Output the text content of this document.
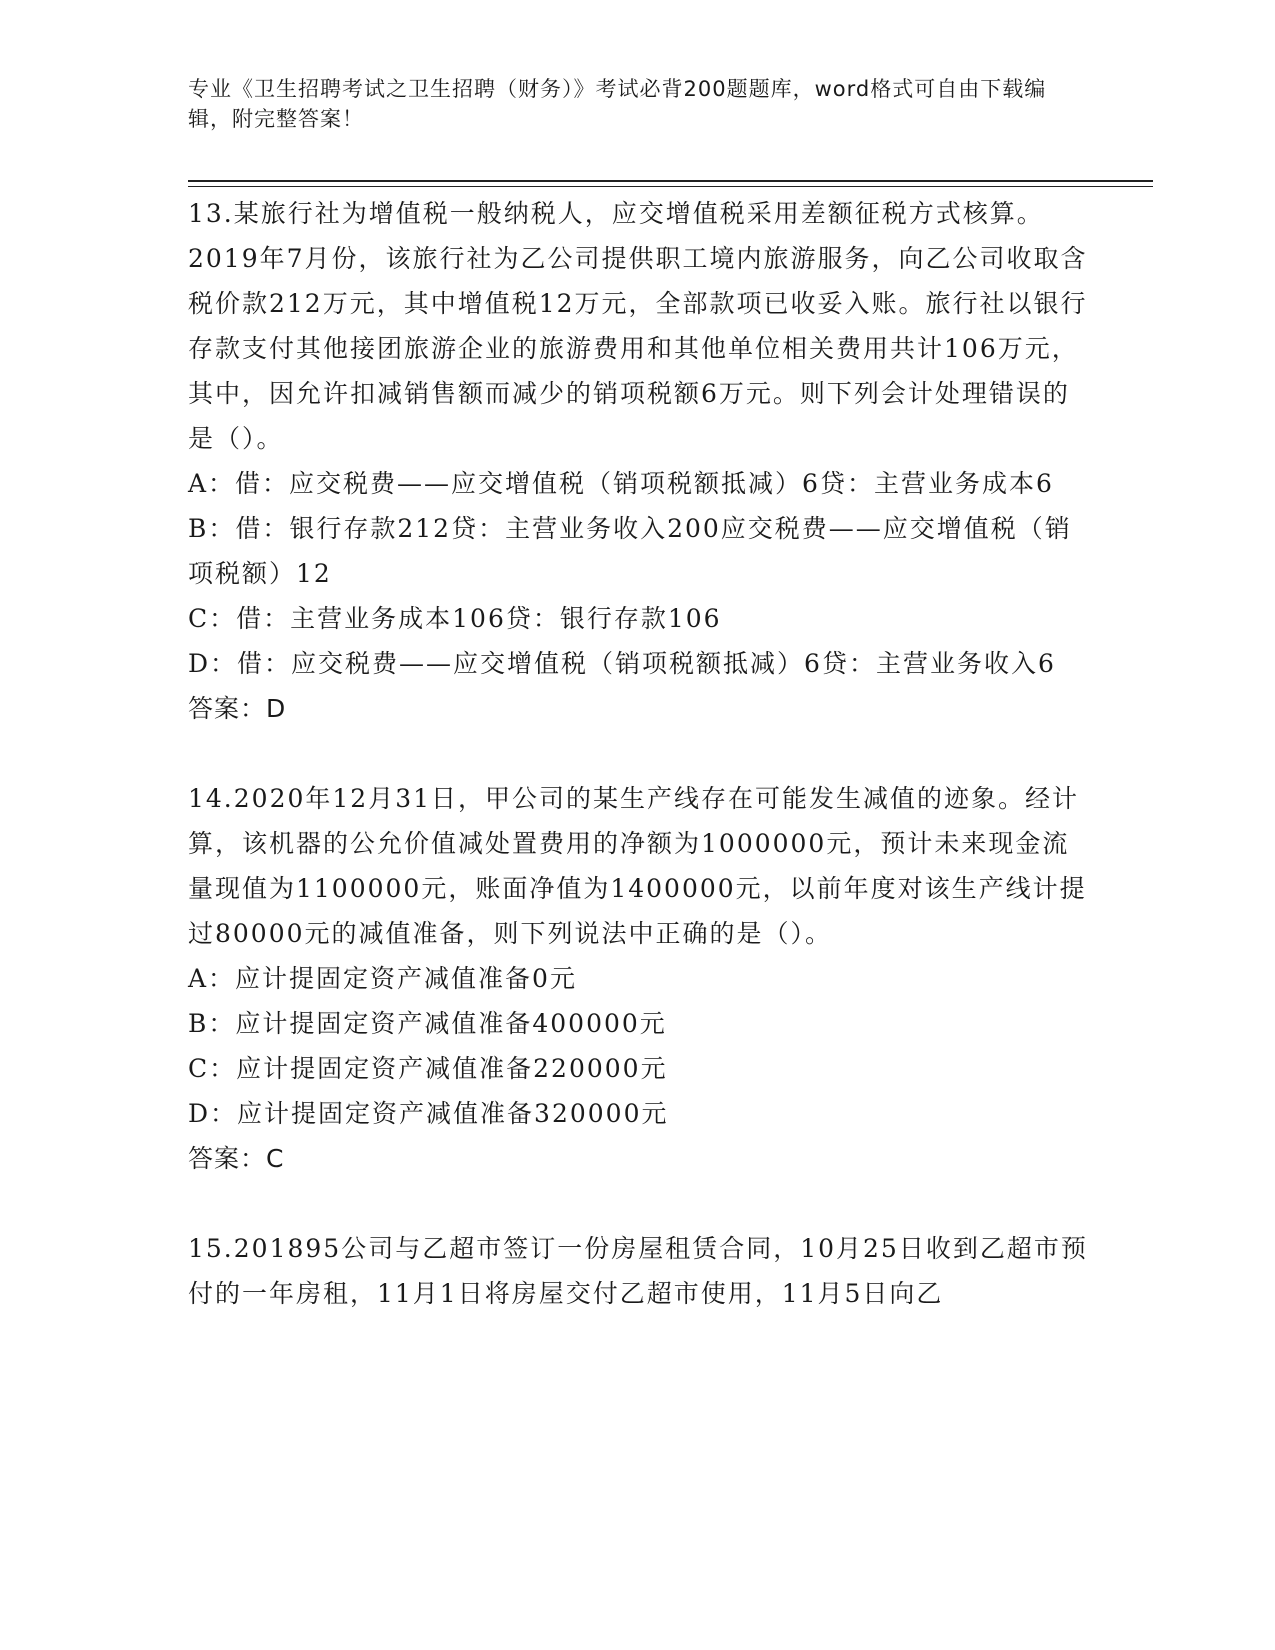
专业《卫生招聘考试之卫生招聘（财务）》考试必背200题题库，word格式可自由下载编辑，附完整答案！

13.某旅行社为增值税一般纳税人，应交增值税采用差额征税方式核算。2019年7月份，该旅行社为乙公司提供职工境内旅游服务，向乙公司收取含税价款212万元，其中增值税12万元，全部款项已收妥入账。旅行社以银行存款支付其他接团旅游企业的旅游费用和其他单位相关费用共计106万元，其中，因允许扣减销售额而减少的销项税额6万元。则下列会计处理错误的是（）。

A：借：应交税费——应交增值税（销项税额抵减）6贷：主营业务成本6

B：借：银行存款212贷：主营业务收入200应交税费——应交增值税（销项税额）12

C：借：主营业务成本106贷：银行存款106

D：借：应交税费——应交增值税（销项税额抵减）6贷：主营业务收入6

答案：D

14.2020年12月31日，甲公司的某生产线存在可能发生减值的迹象。经计算，该机器的公允价值减处置费用的净额为1000000元，预计未来现金流量现值为1100000元，账面净值为1400000元，以前年度对该生产线计提过80000元的减值准备，则下列说法中正确的是（）。

A：应计提固定资产减值准备0元

B：应计提固定资产减值准备400000元

C：应计提固定资产减值准备220000元

D：应计提固定资产减值准备320000元

答案：C

15.201895公司与乙超市签订一份房屋租赁合同，10月25日收到乙超市预付的一年房租，11月1日将房屋交付乙超市使用，11月5日向乙
